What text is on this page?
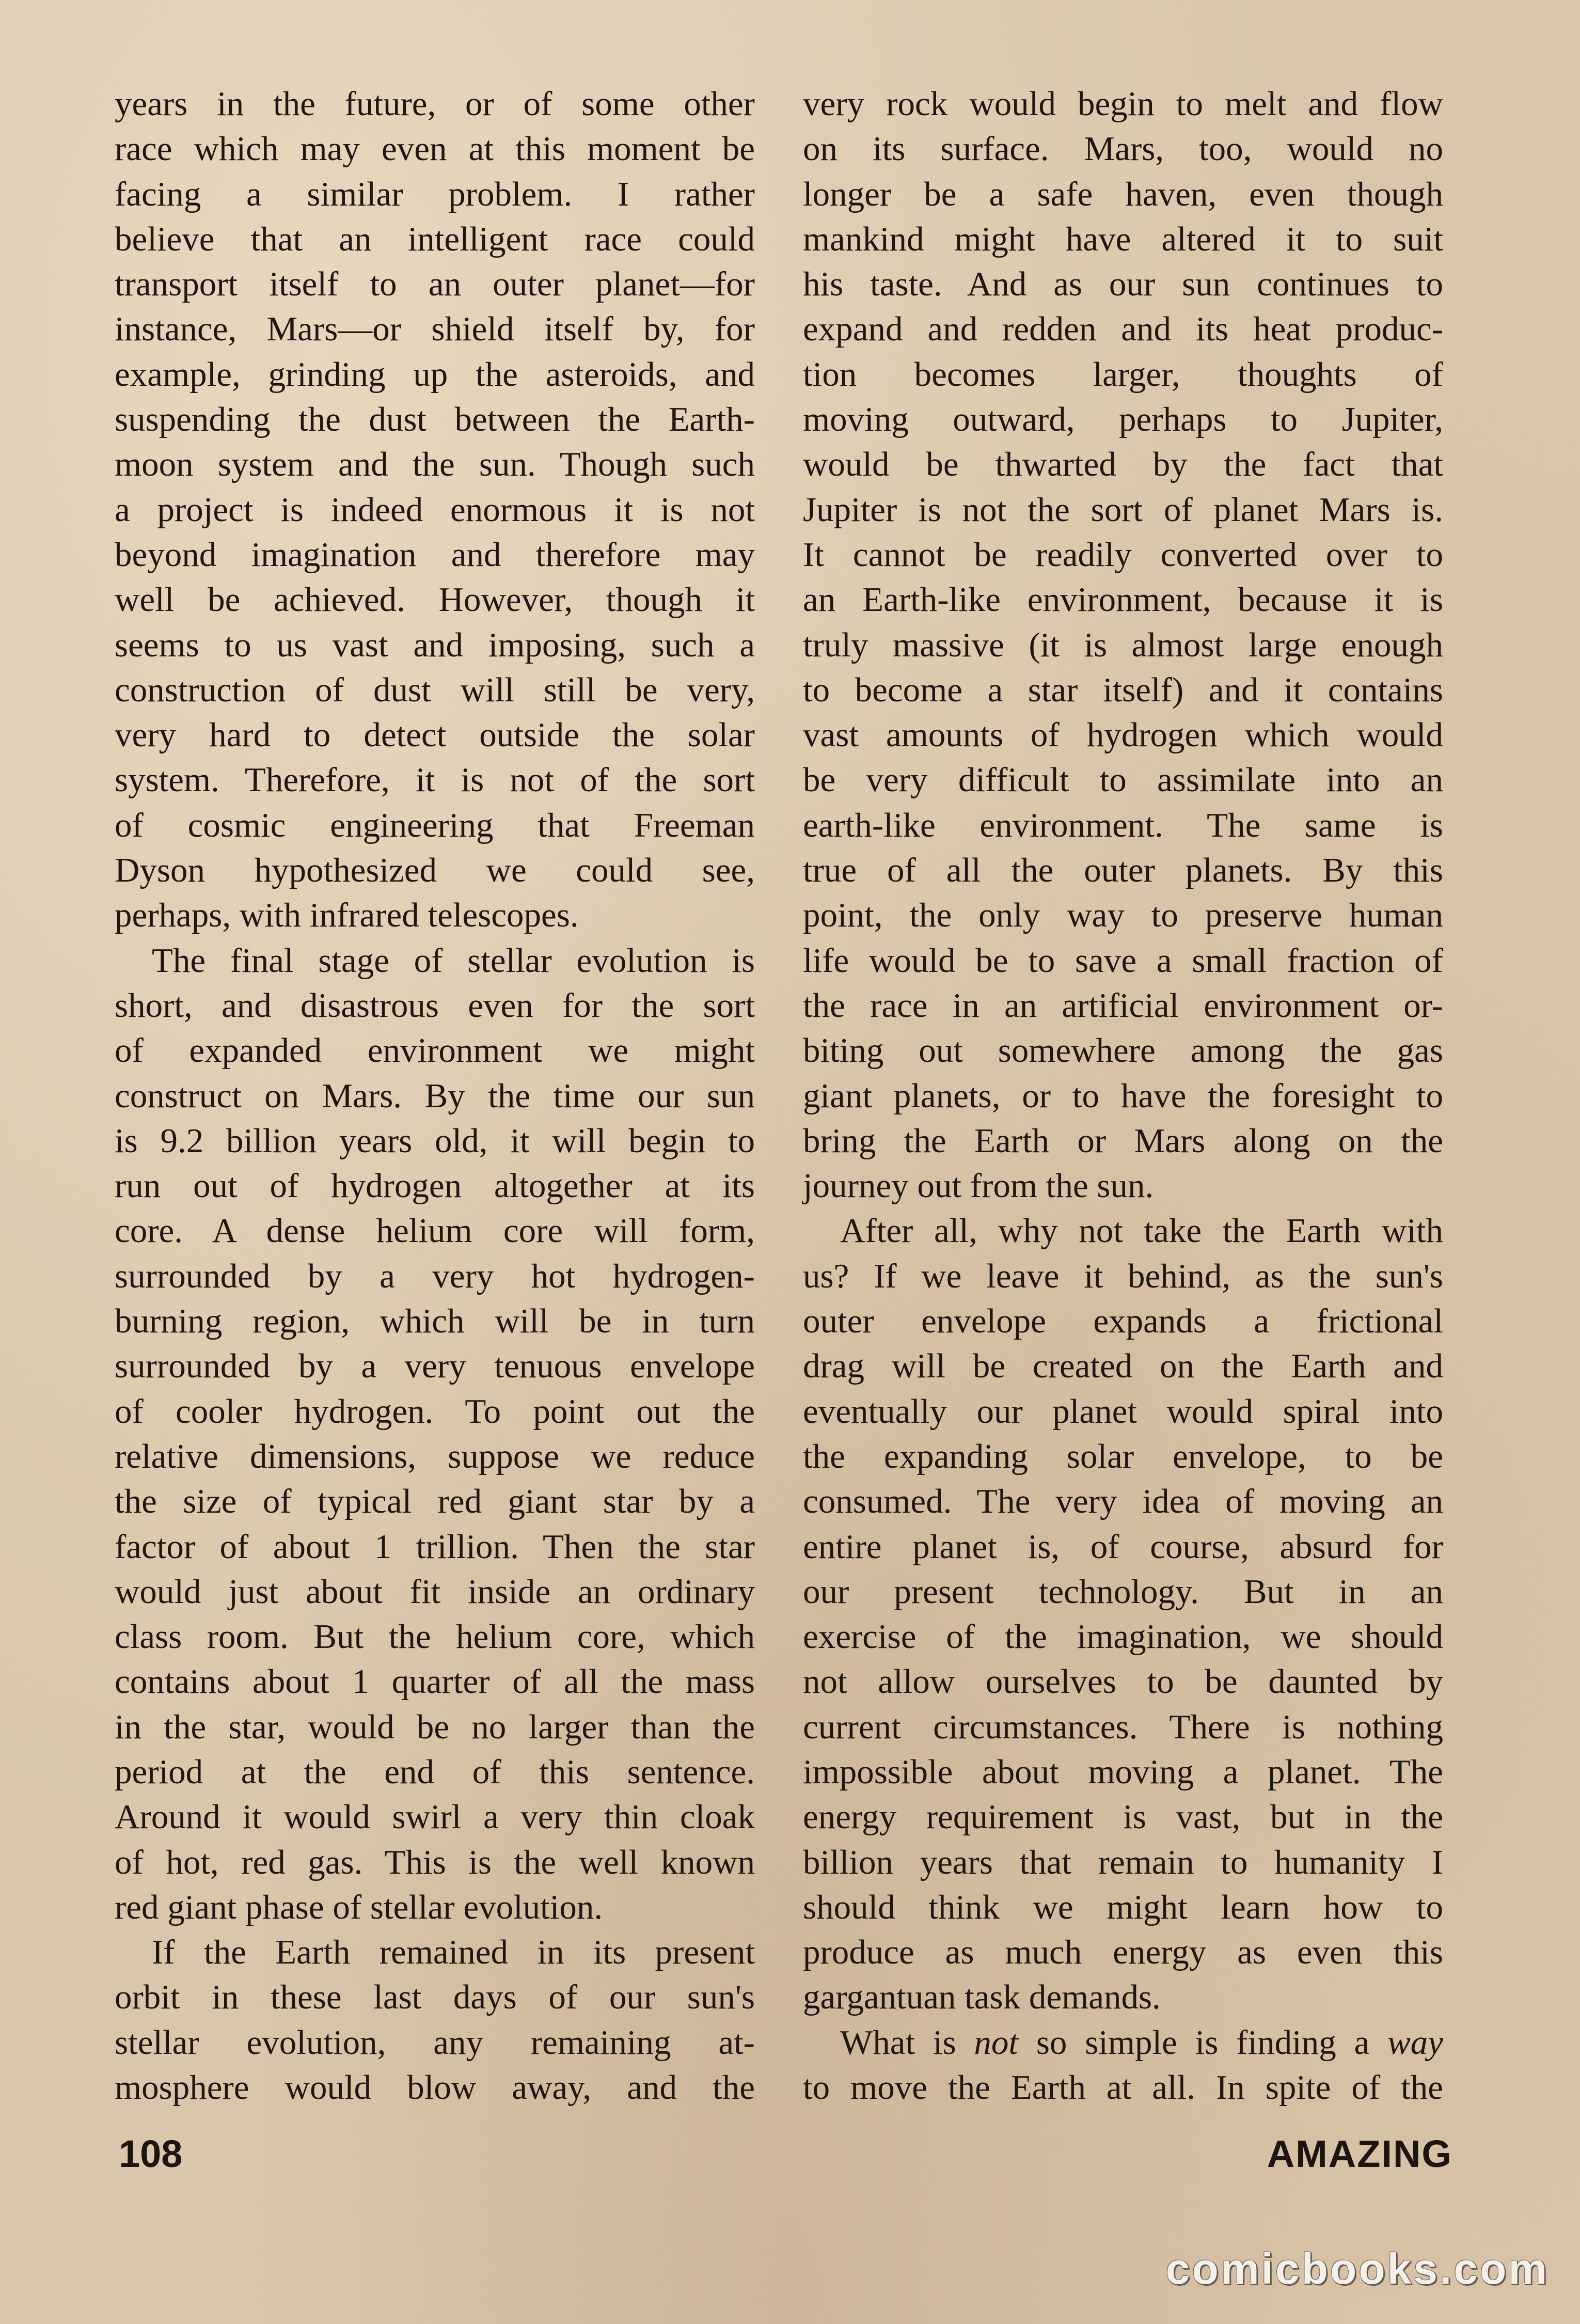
years in the future, or of some other
race which may even at this moment be
facing a similar problem. I rather
believe that an intelligent race could
transport itself to an outer planet—for
instance, Mars—or shield itself by, for
example, grinding up the asteroids, and
suspending the dust between the Earth-
moon system and the sun. Though such
a project is indeed enormous it is not
beyond imagination and therefore may
well be achieved. However, though it
seems to us vast and imposing, such a
construction of dust will still be very,
very hard to detect outside the solar
system. Therefore, it is not of the sort
of cosmic engineering that Freeman
Dyson hypothesized we could see,
perhaps, with infrared telescopes.
The final stage of stellar evolution is
short, and disastrous even for the sort
of expanded environment we might
construct on Mars. By the time our sun
is 9.2 billion years old, it will begin to
run out of hydrogen altogether at its
core. A dense helium core will form,
surrounded by a very hot hydrogen-
burning region, which will be in turn
surrounded by a very tenuous envelope
of cooler hydrogen. To point out the
relative dimensions, suppose we reduce
the size of typical red giant star by a
factor of about 1 trillion. Then the star
would just about fit inside an ordinary
class room. But the helium core, which
contains about 1 quarter of all the mass
in the star, would be no larger than the
period at the end of this sentence.
Around it would swirl a very thin cloak
of hot, red gas. This is the well known
red giant phase of stellar evolution.
If the Earth remained in its present
orbit in these last days of our sun's
stellar evolution, any remaining at-
mosphere would blow away, and the
very rock would begin to melt and flow
on its surface. Mars, too, would no
longer be a safe haven, even though
mankind might have altered it to suit
his taste. And as our sun continues to
expand and redden and its heat produc-
tion becomes larger, thoughts of
moving outward, perhaps to Jupiter,
would be thwarted by the fact that
Jupiter is not the sort of planet Mars is.
It cannot be readily converted over to
an Earth-like environment, because it is
truly massive (it is almost large enough
to become a star itself) and it contains
vast amounts of hydrogen which would
be very difficult to assimilate into an
earth-like environment. The same is
true of all the outer planets. By this
point, the only way to preserve human
life would be to save a small fraction of
the race in an artificial environment or-
biting out somewhere among the gas
giant planets, or to have the foresight to
bring the Earth or Mars along on the
journey out from the sun.
After all, why not take the Earth with
us? If we leave it behind, as the sun's
outer envelope expands a frictional
drag will be created on the Earth and
eventually our planet would spiral into
the expanding solar envelope, to be
consumed. The very idea of moving an
entire planet is, of course, absurd for
our present technology. But in an
exercise of the imagination, we should
not allow ourselves to be daunted by
current circumstances. There is nothing
impossible about moving a planet. The
energy requirement is vast, but in the
billion years that remain to humanity I
should think we might learn how to
produce as much energy as even this
gargantuan task demands.
What is not so simple is finding a way
to move the Earth at all. In spite of the
108	AMAZING
comicbooks.com
